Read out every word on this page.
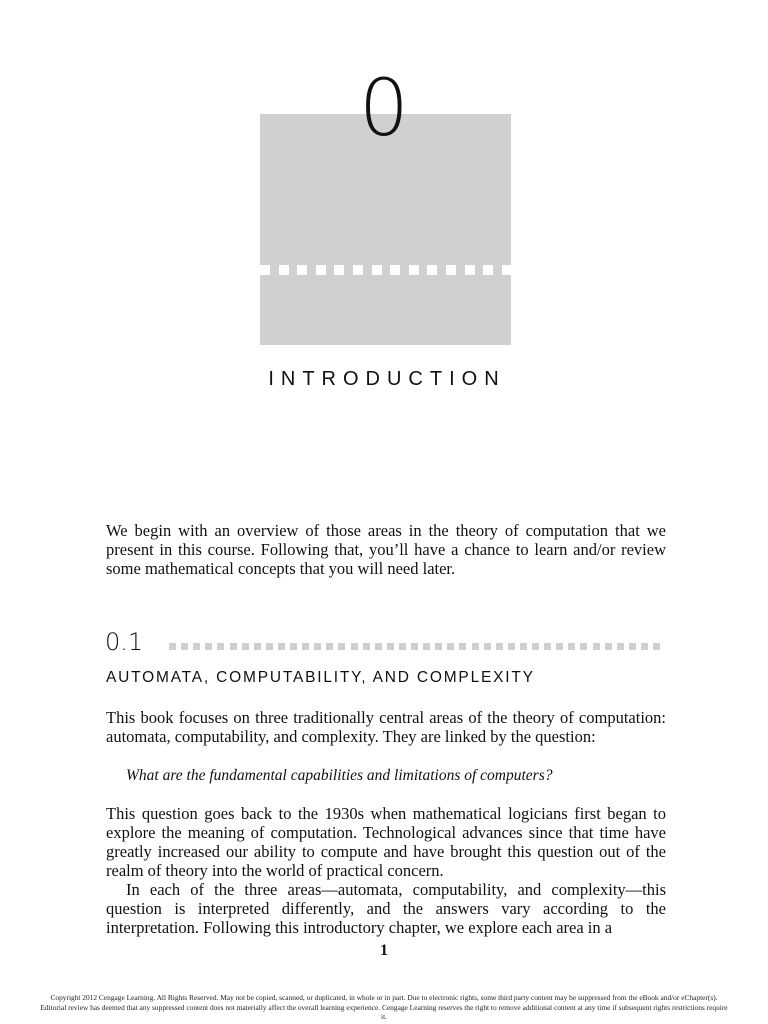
0
INTRODUCTION
We begin with an overview of those areas in the theory of computation that we present in this course. Following that, you’ll have a chance to learn and/or review some mathematical concepts that you will need later.
0.1
AUTOMATA, COMPUTABILITY, AND COMPLEXITY
This book focuses on three traditionally central areas of the theory of computation: automata, computability, and complexity. They are linked by the question:
What are the fundamental capabilities and limitations of computers?

This question goes back to the 1930s when mathematical logicians first began to explore the meaning of computation. Technological advances since that time have greatly increased our ability to compute and have brought this question out of the realm of theory into the world of practical concern.

In each of the three areas—automata, computability, and complexity—this question is interpreted differently, and the answers vary according to the interpretation. Following this introductory chapter, we explore each area in a

1
Copyright 2012 Cengage Learning. All Rights Reserved. May not be copied, scanned, or duplicated, in whole or in part. Due to electronic rights, some third party content may be suppressed from the eBook and/or eChapter(s). Editorial review has deemed that any suppressed content does not materially affect the overall learning experience. Cengage Learning reserves the right to remove additional content at any time if subsequent rights restrictions require it.
